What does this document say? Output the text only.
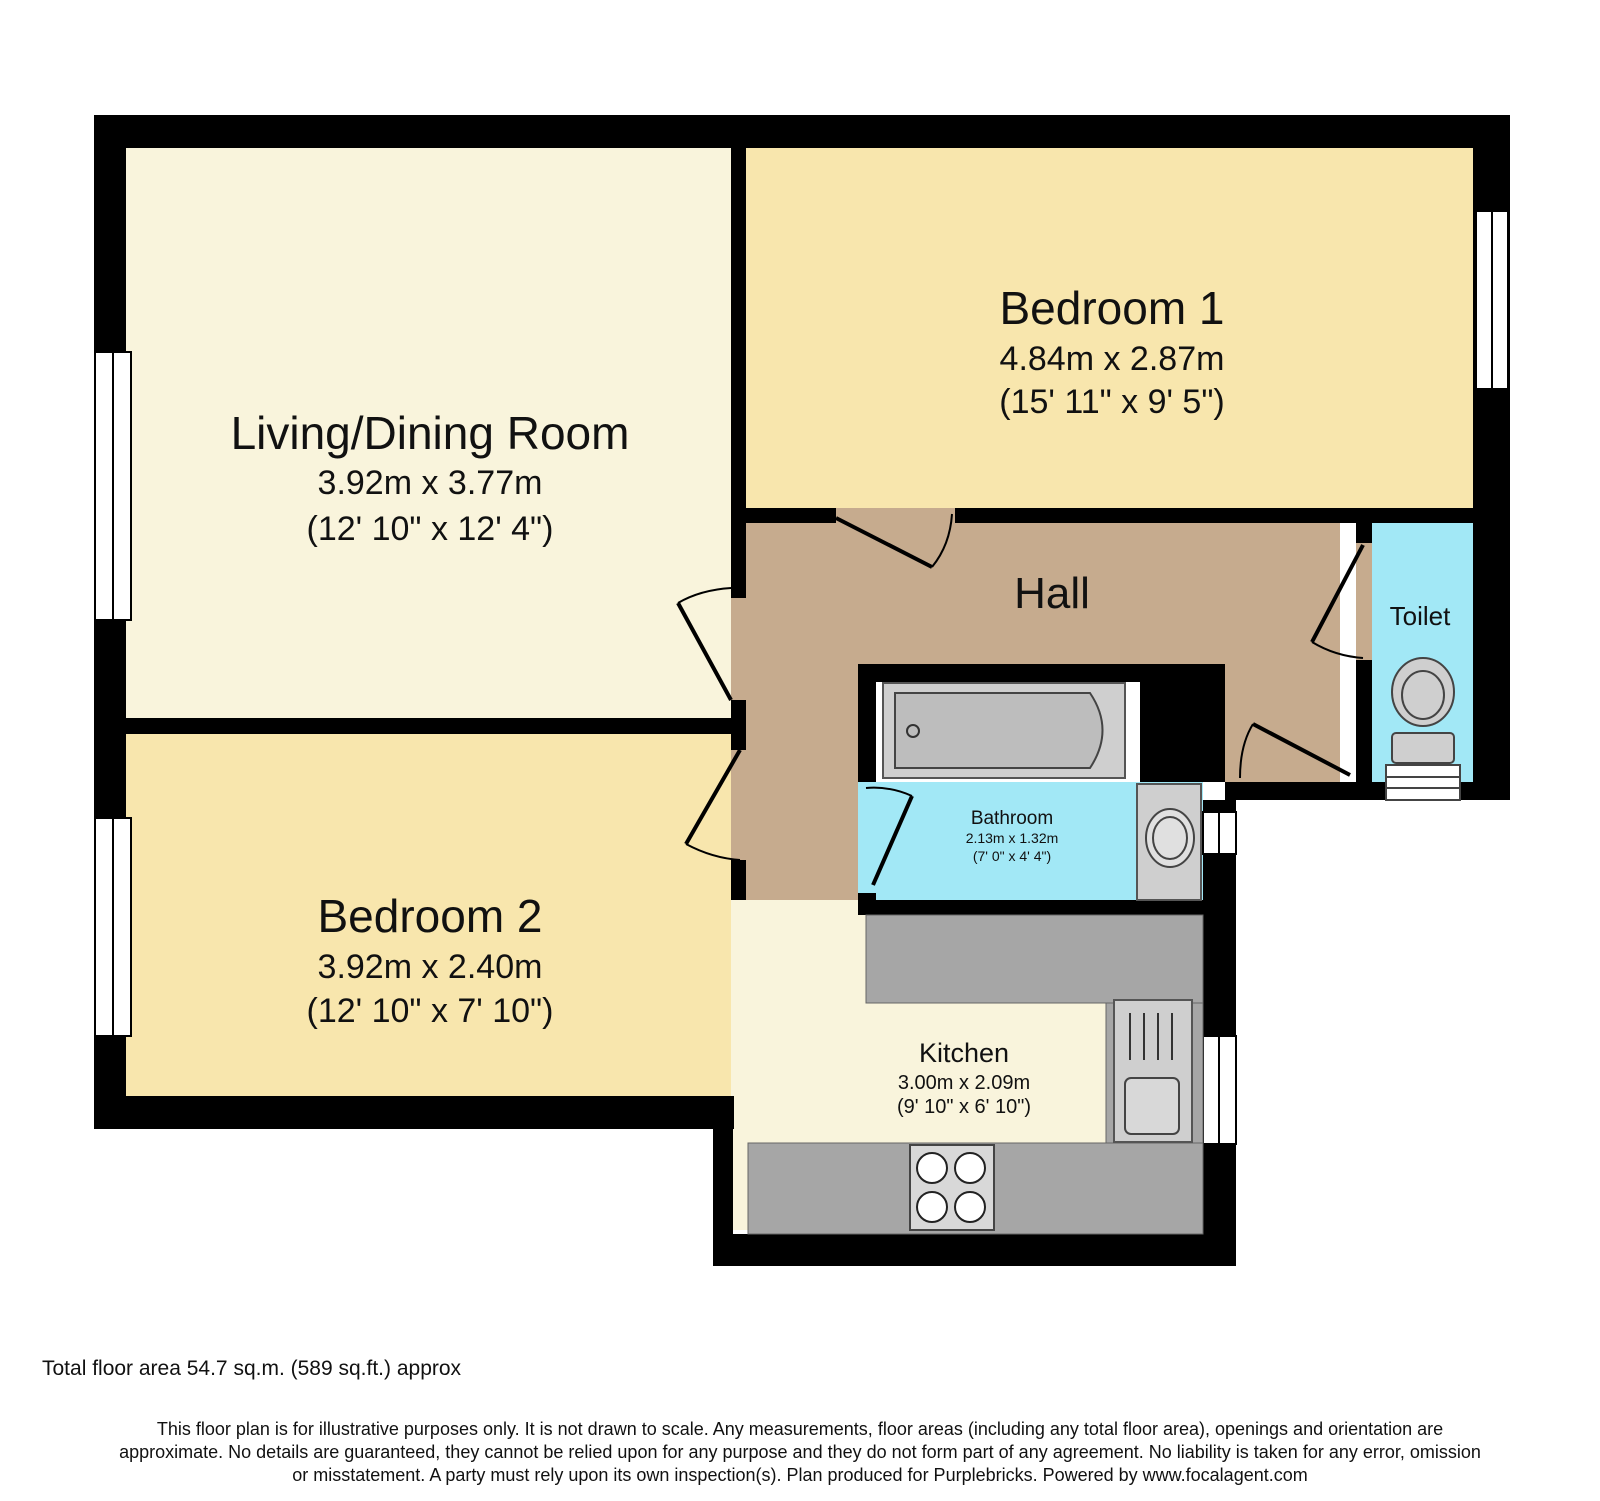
Living/Dining Room
3.92m x 3.77m
(12' 10" x 12' 4")
Bedroom 1
4.84m x 2.87m
(15' 11" x 9' 5")
Bedroom 2
3.92m x 2.40m
(12' 10" x 7' 10")
Hall	Toilet
Bathroom
2.13m x 1.32m
(7' 0" x 4' 4")
Kitchen
3.00m x 2.09m
(9' 10" x 6' 10")
Total floor area 54.7 sq.m. (589 sq.ft.) approx
This floor plan is for illustrative purposes only. It is not drawn to scale. Any measurements, floor areas (including any total floor area), openings and orientation are
approximate. No details are guaranteed, they cannot be relied upon for any purpose and they do not form part of any agreement. No liability is taken for any error, omission
or misstatement. A party must rely upon its own inspection(s). Plan produced for Purplebricks. Powered by www.focalagent.com
